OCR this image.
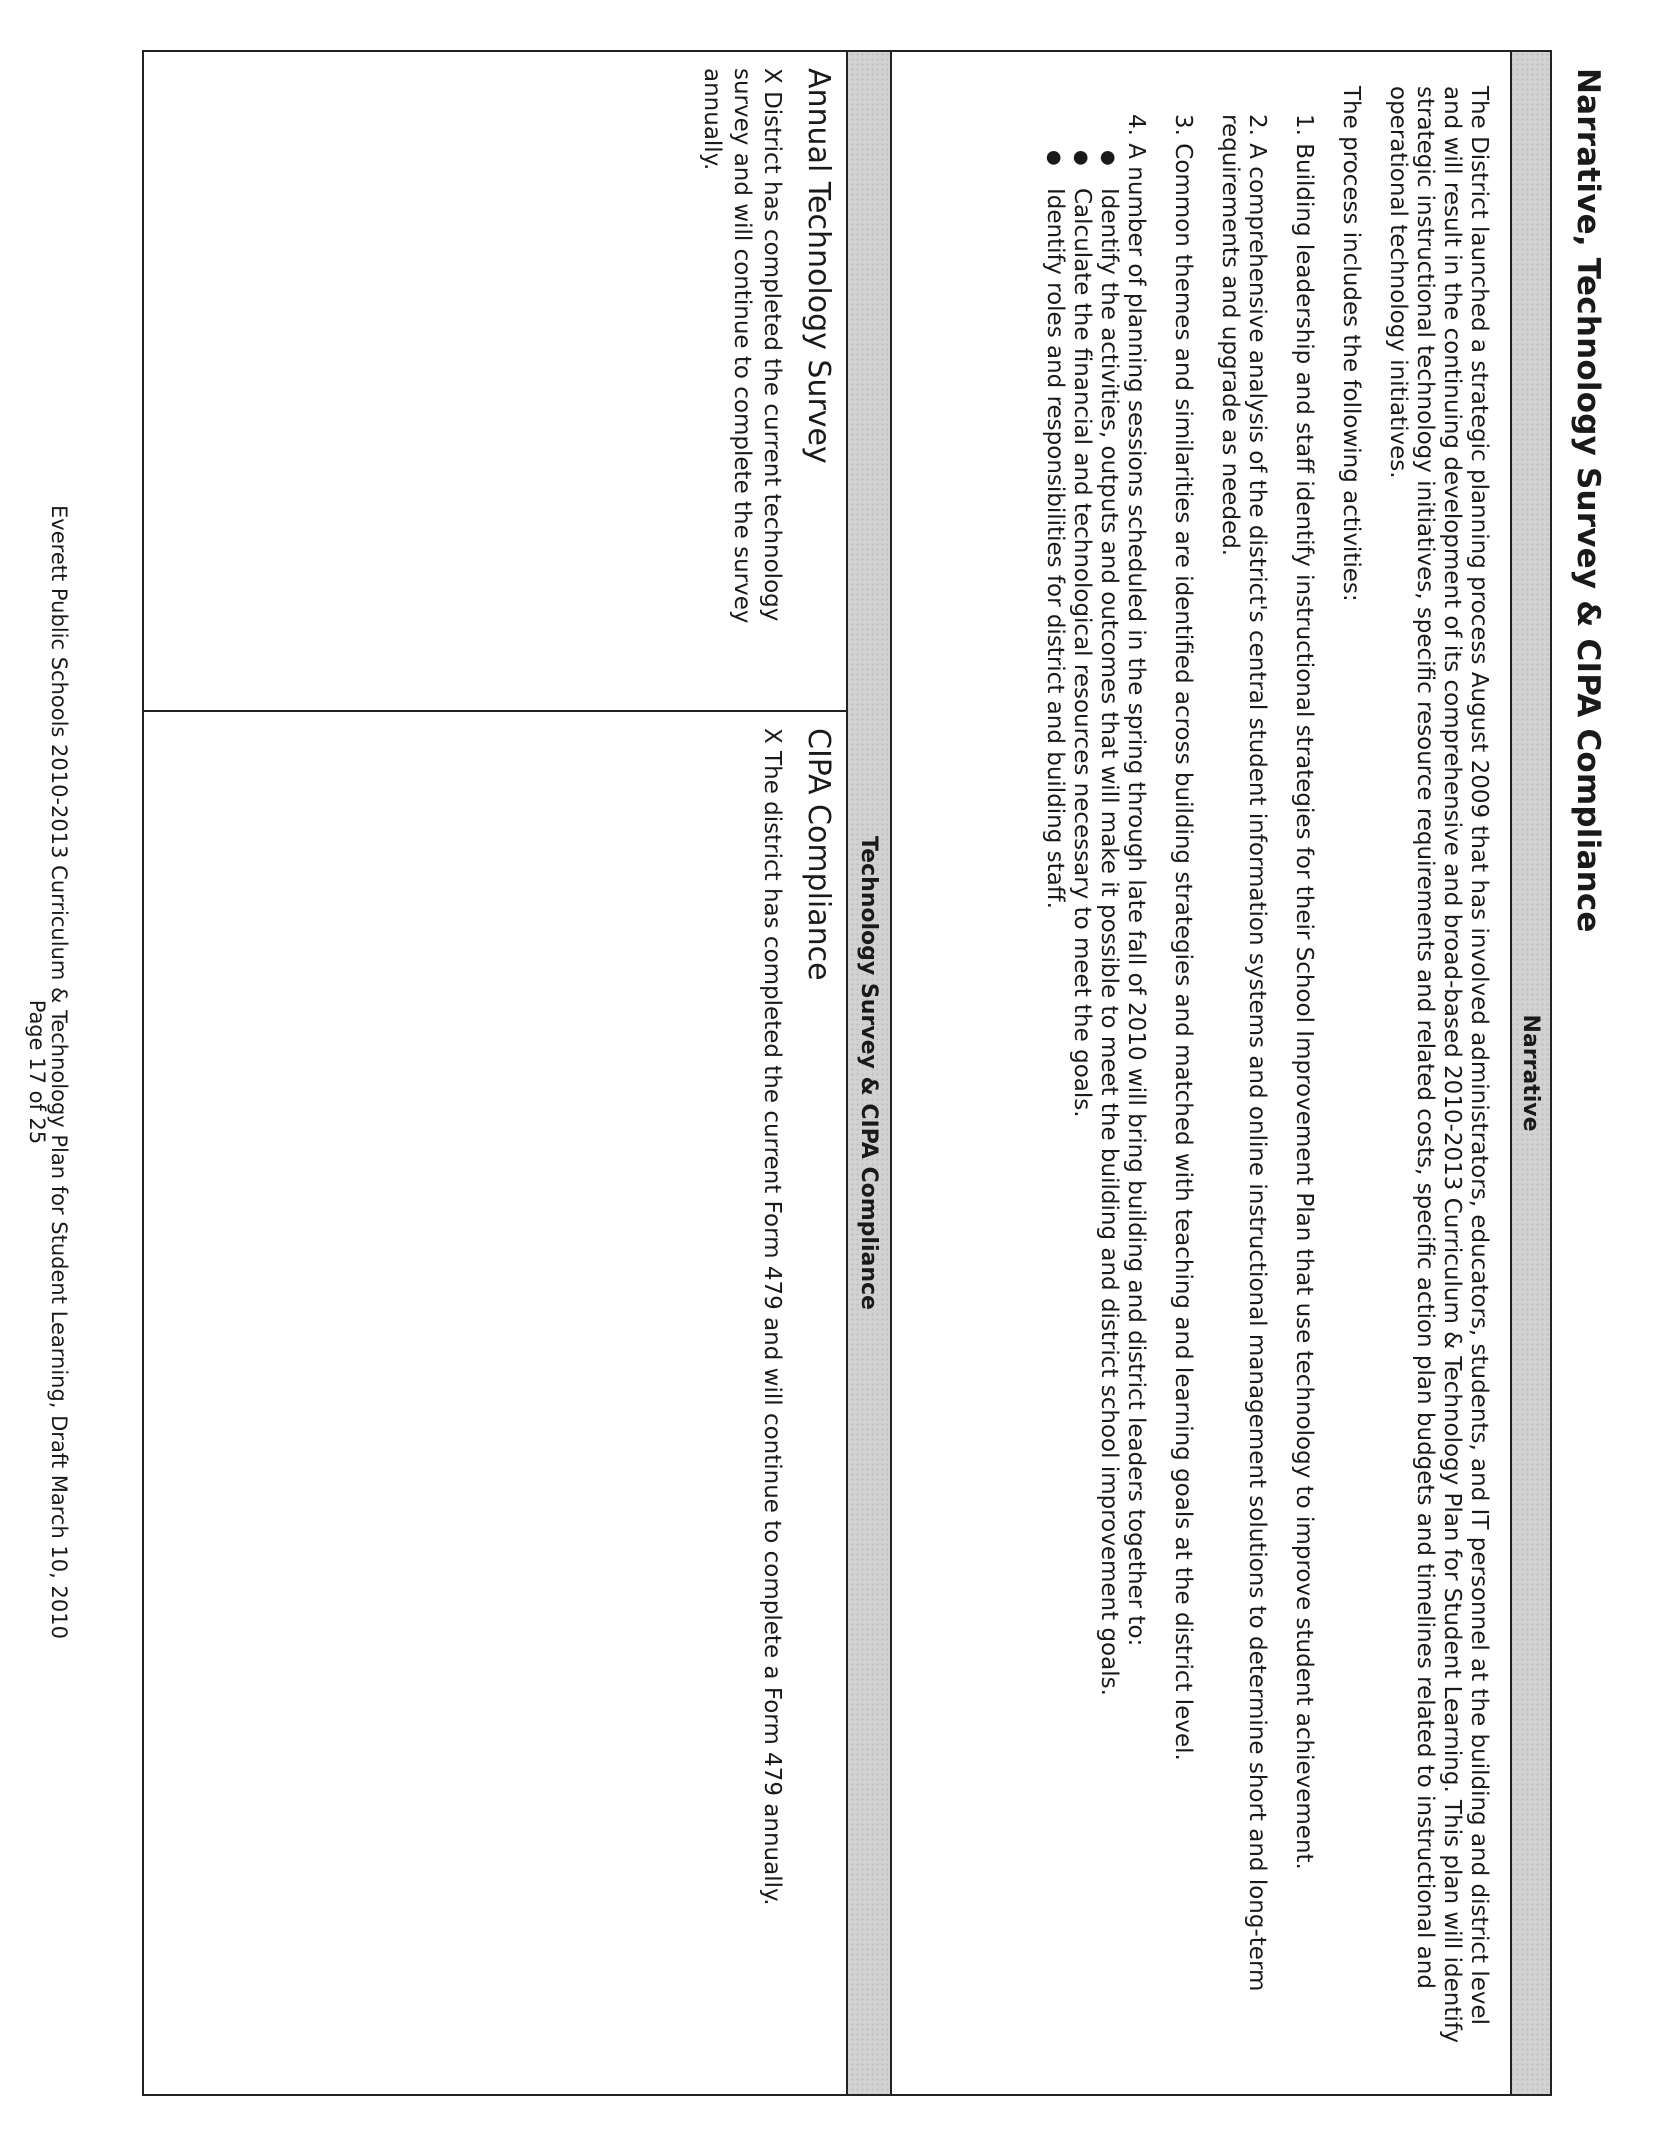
Narrative, Technology Survey & CIPA Compliance
Narrative

The District launched a strategic planning process August 2009 that has involved administrators, educators, students, and IT personnel at the building and district level and will result in the continuing development of its comprehensive and broad-based 2010-2013 Curriculum & Technology Plan for Student Learning. This plan will identify strategic instructional technology initiatives, specific resource requirements and related costs, specific action plan budgets and timelines related to instructional and operational technology initiatives.

The process includes the following activities:

1. Building leadership and staff identify instructional strategies for their School Improvement Plan that use technology to improve student achievement.

2. A comprehensive analysis of the district's central student information systems and online instructional management solutions to determine short and long-term requirements and upgrade as needed.

3. Common themes and similarities are identified across building strategies and matched with teaching and learning goals at the district level.

4. A number of planning sessions scheduled in the spring through late fall of 2010 will bring building and district leaders together to:

● Identify the activities, outputs and outcomes that will make it possible to meet the building and district school improvement goals.
● Calculate the financial and technological resources necessary to meet the goals.
● Identify roles and responsibilities for district and building staff.
Technology Survey & CIPA Compliance

Annual Technology Survey

X District has completed the current technology survey and will continue to complete the survey annually.

CIPA Compliance

X The district has completed the current Form 479 and will continue to complete a Form 479 annually.

Everett Public Schools 2010-2013 Curriculum & Technology Plan for Student Learning, Draft March 10, 2010
Page 17 of 25
